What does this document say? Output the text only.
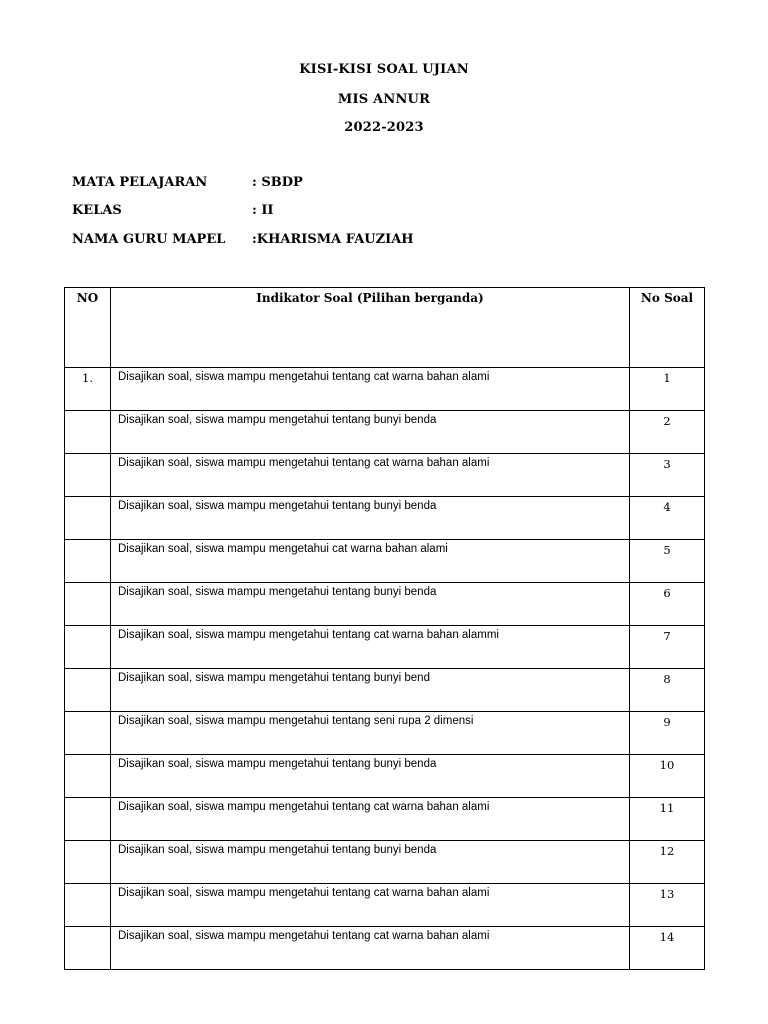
KISI-KISI SOAL UJIAN
MIS ANNUR
2022-2023
MATA PELAJARAN	: SBDP
KELAS	: II
NAMA GURU MAPEL :KHARISMA FAUZIAH
NO	Indikator Soal (Pilihan berganda)	No Soal
1.	Disajikan soal, siswa mampu mengetahui tentang cat warna bahan alami	1
	Disajikan soal, siswa mampu mengetahui tentang bunyi benda	2
	Disajikan soal, siswa mampu mengetahui tentang cat warna bahan alami	3
	Disajikan soal, siswa mampu mengetahui tentang bunyi benda	4
	Disajikan soal, siswa mampu mengetahui cat warna bahan alami	5
	Disajikan soal, siswa mampu mengetahui tentang bunyi benda	6
	Disajikan soal, siswa mampu mengetahui tentang cat warna bahan alammi	7
	Disajikan soal, siswa mampu mengetahui tentang bunyi bend	8
	Disajikan soal, siswa mampu mengetahui tentang seni rupa 2 dimensi	9
	Disajikan soal, siswa mampu mengetahui tentang bunyi benda	10
	Disajikan soal, siswa mampu mengetahui tentang cat warna bahan alami	11
	Disajikan soal, siswa mampu mengetahui tentang bunyi benda	12
	Disajikan soal, siswa mampu mengetahui tentang cat warna bahan alami	13
	Disajikan soal, siswa mampu mengetahui tentang cat warna bahan alami	14
